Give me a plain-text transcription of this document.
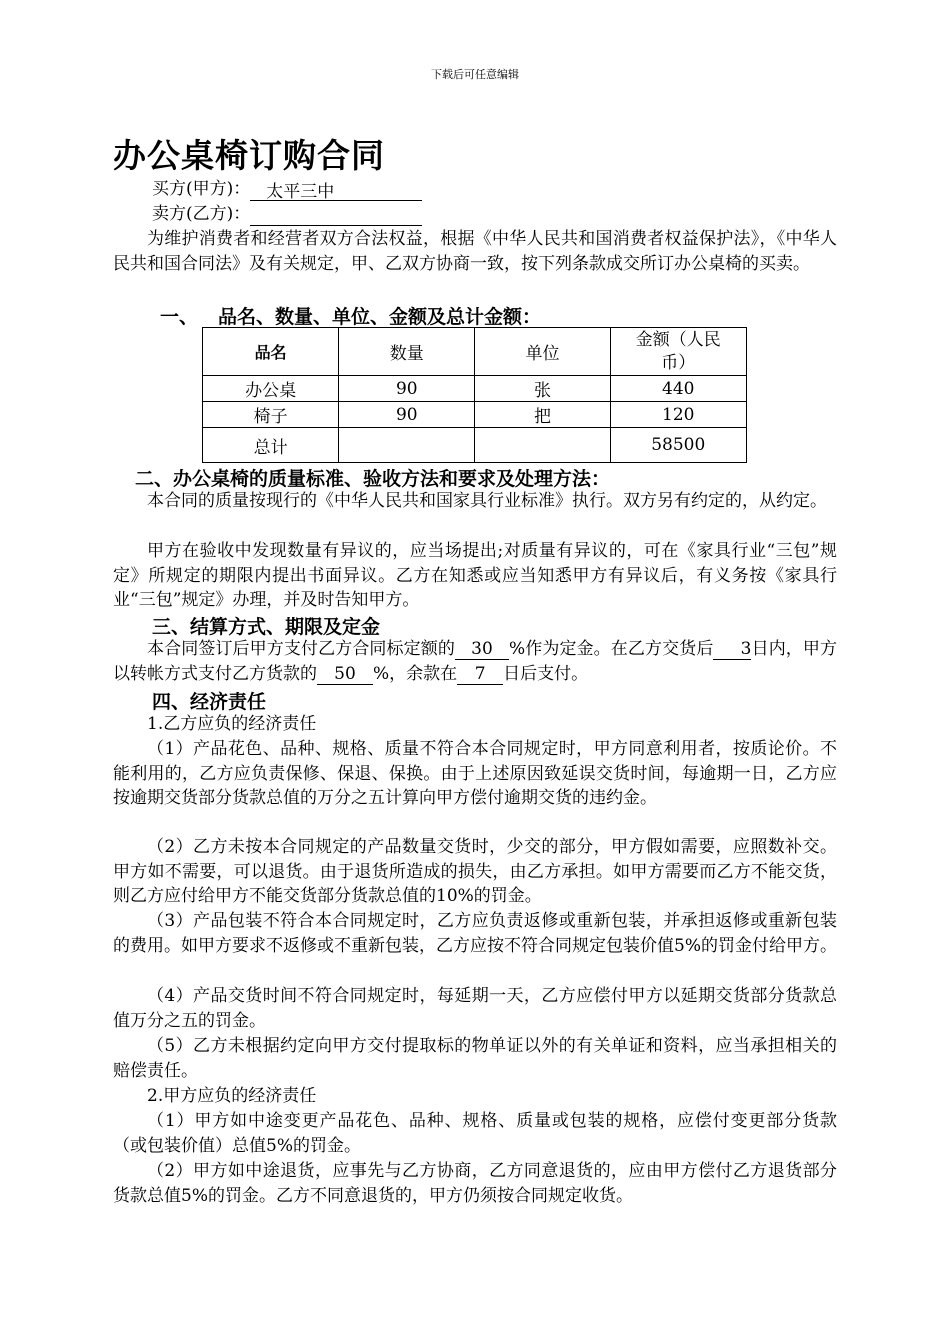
下载后可任意编辑
办公桌椅订购合同
买方(甲方)： 太平三中
卖方(乙方)：
为维护消费者和经营者双方合法权益，根据《中华人民共和国消费者权益保护法》，《中华人民共和国合同法》及有关规定，甲、乙双方协商一致，按下列条款成交所订办公桌椅的买卖。
一、 品名、数量、单位、金额及总计金额：
品名	数量	单位	金额（人民
币）
办公桌	90	张	440
椅子	90	把	120
总计			58500
二、办公桌椅的质量标准、验收方法和要求及处理方法：
本合同的质量按现行的《中华人民共和国家具行业标准》执行。双方另有约定的，从约定。
甲方在验收中发现数量有异议的，应当场提出;对质量有异议的，可在《家具行业“三包”规定》所规定的期限内提出书面异议。乙方在知悉或应当知悉甲方有异议后，有义务按《家具行业“三包”规定》办理，并及时告知甲方。
三、结算方式、期限及定金
本合同签订后甲方支付乙方合同标定额的 30 %作为定金。在乙方交货后 3日内，甲方以转帐方式支付乙方货款的 50 %，余款在 7 日后支付。
四、经济责任
1.乙方应负的经济责任
（1）产品花色、品种、规格、质量不符合本合同规定时，甲方同意利用者，按质论价。不能利用的，乙方应负责保修、保退、保换。由于上述原因致延误交货时间，每逾期一日，乙方应按逾期交货部分货款总值的万分之五计算向甲方偿付逾期交货的违约金。
（2）乙方未按本合同规定的产品数量交货时，少交的部分，甲方假如需要，应照数补交。甲方如不需要，可以退货。由于退货所造成的损失，由乙方承担。如甲方需要而乙方不能交货，则乙方应付给甲方不能交货部分货款总值的10%的罚金。
（3）产品包装不符合本合同规定时，乙方应负责返修或重新包装，并承担返修或重新包装的费用。如甲方要求不返修或不重新包装，乙方应按不符合同规定包装价值5%的罚金付给甲方。
（4）产品交货时间不符合同规定时，每延期一天，乙方应偿付甲方以延期交货部分货款总值万分之五的罚金。
（5）乙方未根据约定向甲方交付提取标的物单证以外的有关单证和资料，应当承担相关的赔偿责任。
2.甲方应负的经济责任
（1）甲方如中途变更产品花色、品种、规格、质量或包装的规格，应偿付变更部分货款（或包装价值）总值5%的罚金。
（2）甲方如中途退货，应事先与乙方协商，乙方同意退货的，应由甲方偿付乙方退货部分货款总值5%的罚金。乙方不同意退货的，甲方仍须按合同规定收货。
